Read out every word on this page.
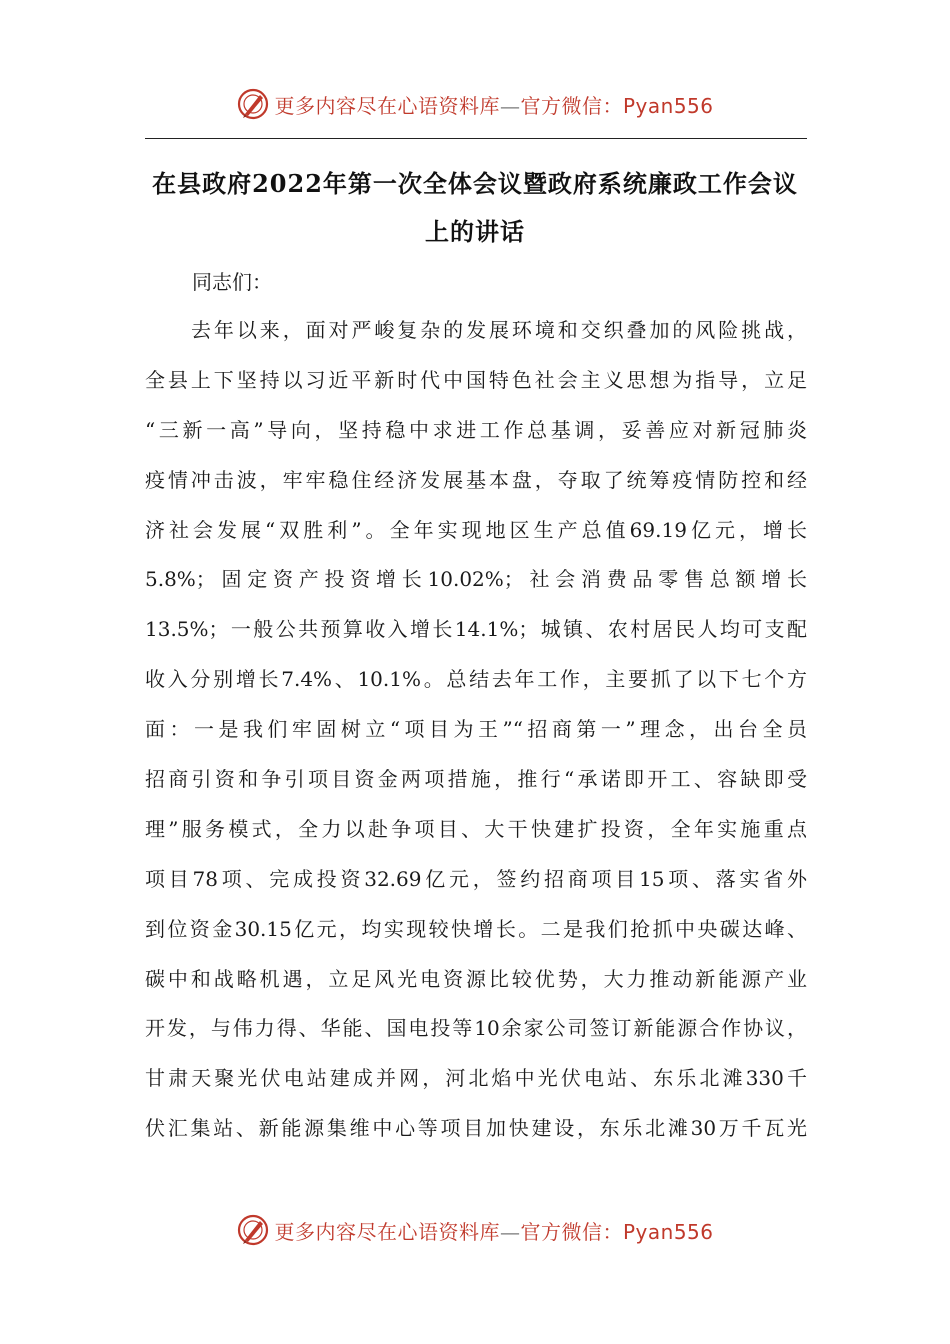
更多内容尽在心语资料库—官方微信：Pyan556
在县政府2022年第一次全体会议暨政府系统廉政工作会议
上的讲话
同志们：
去年以来，面对严峻复杂的发展环境和交织叠加的风险挑战，
全县上下坚持以习近平新时代中国特色社会主义思想为指导，立足
“三新一高”导向，坚持稳中求进工作总基调，妥善应对新冠肺炎
疫情冲击波，牢牢稳住经济发展基本盘，夺取了统筹疫情防控和经
济社会发展“双胜利”。全年实现地区生产总值69.19亿元，增长
5.8%；固定资产投资增长10.02%；社会消费品零售总额增长
13.5%；一般公共预算收入增长14.1%；城镇、农村居民人均可支配
收入分别增长7.4%、10.1%。总结去年工作，主要抓了以下七个方
面：一是我们牢固树立“项目为王”“招商第一”理念，出台全员
招商引资和争引项目资金两项措施，推行“承诺即开工、容缺即受
理”服务模式，全力以赴争项目、大干快建扩投资，全年实施重点
项目78项、完成投资32.69亿元，签约招商项目15项、落实省外
到位资金30.15亿元，均实现较快增长。二是我们抢抓中央碳达峰、
碳中和战略机遇，立足风光电资源比较优势，大力推动新能源产业
开发，与伟力得、华能、国电投等10余家公司签订新能源合作协议，
甘肃天聚光伏电站建成并网，河北焰中光伏电站、东乐北滩330千
伏汇集站、新能源集维中心等项目加快建设，东乐北滩30万千瓦光
更多内容尽在心语资料库—官方微信：Pyan556
